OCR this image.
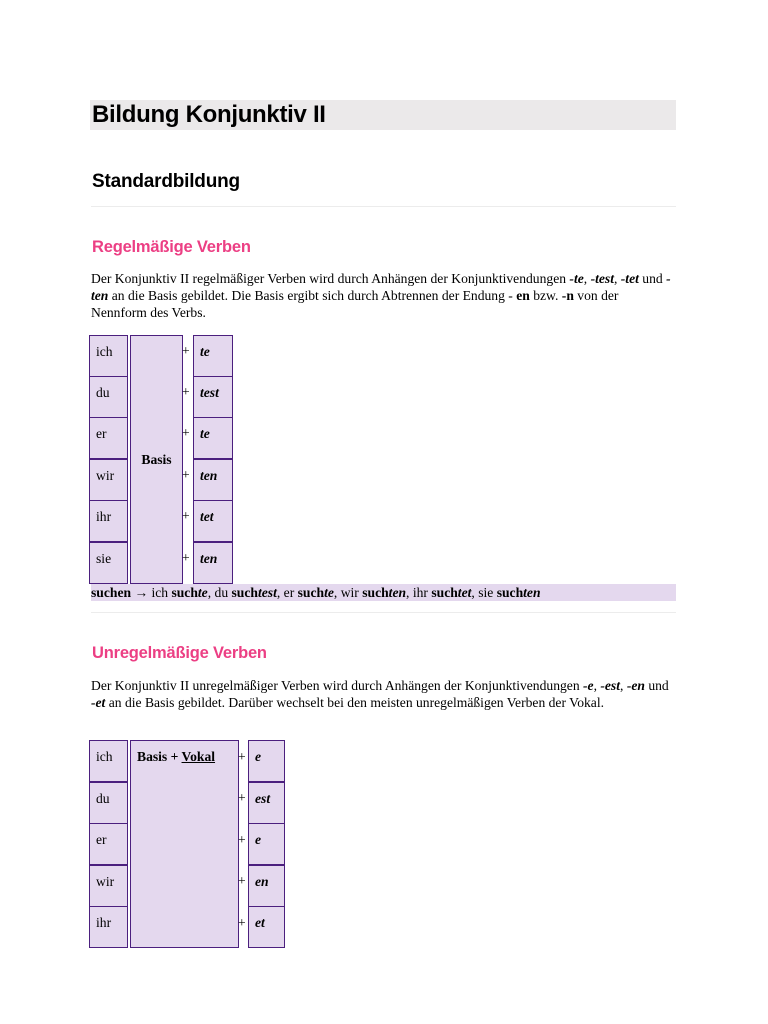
Bildung Konjunktiv II
Standardbildung
Regelmäßige Verben
Der Konjunktiv II regelmäßiger Verben wird durch Anhängen der Konjunktivendungen -te, -test, -tet und -ten an die Basis gebildet. Die Basis ergibt sich durch Abtrennen der Endung - en bzw. -n von der Nennform des Verbs.
ich
du
er
wir
ihr
sie
Basis
+
+
+
+
+
+
te
test
te
ten
tet
ten
suchen → ich suchte, du suchtest, er suchte, wir suchten, ihr suchtet, sie suchten
Unregelmäßige Verben
Der Konjunktiv II unregelmäßiger Verben wird durch Anhängen der Konjunktivendungen -e, -est, -en und -et an die Basis gebildet. Darüber wechselt bei den meisten unregelmäßigen Verben der Vokal.
ich
du
er
wir
ihr
Basis + Vokal	+
+
+
+
+
e
est
e
en
et
